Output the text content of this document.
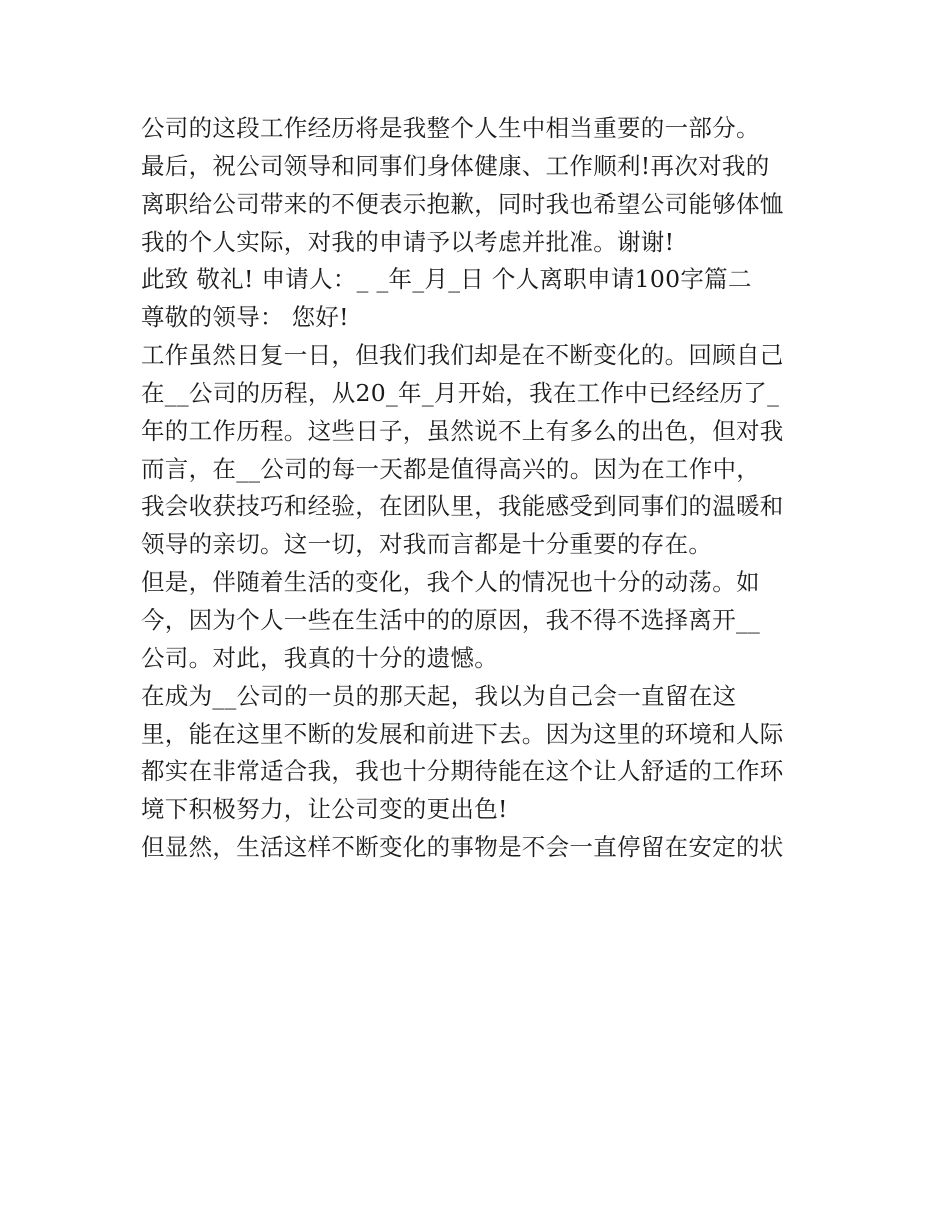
公司的这段工作经历将是我整个人生中相当重要的一部分。
最后，祝公司领导和同事们身体健康、工作顺利!再次对我的
离职给公司带来的不便表示抱歉，同时我也希望公司能够体恤
我的个人实际，对我的申请予以考虑并批准。谢谢!
此致 敬礼! 申请人：_ _年_月_日 个人离职申请100字篇二
尊敬的领导： 您好!
工作虽然日复一日，但我们我们却是在不断变化的。回顾自己
在__公司的历程，从20_年_月开始，我在工作中已经经历了_
年的工作历程。这些日子，虽然说不上有多么的出色，但对我
而言，在__公司的每一天都是值得高兴的。因为在工作中，
我会收获技巧和经验，在团队里，我能感受到同事们的温暖和
领导的亲切。这一切，对我而言都是十分重要的存在。
但是，伴随着生活的变化，我个人的情况也十分的动荡。如
今，因为个人一些在生活中的的原因，我不得不选择离开__
公司。对此，我真的十分的遗憾。
在成为__公司的一员的那天起，我以为自己会一直留在这
里，能在这里不断的发展和前进下去。因为这里的环境和人际
都实在非常适合我，我也十分期待能在这个让人舒适的工作环
境下积极努力，让公司变的更出色!
但显然，生活这样不断变化的事物是不会一直停留在安定的状
